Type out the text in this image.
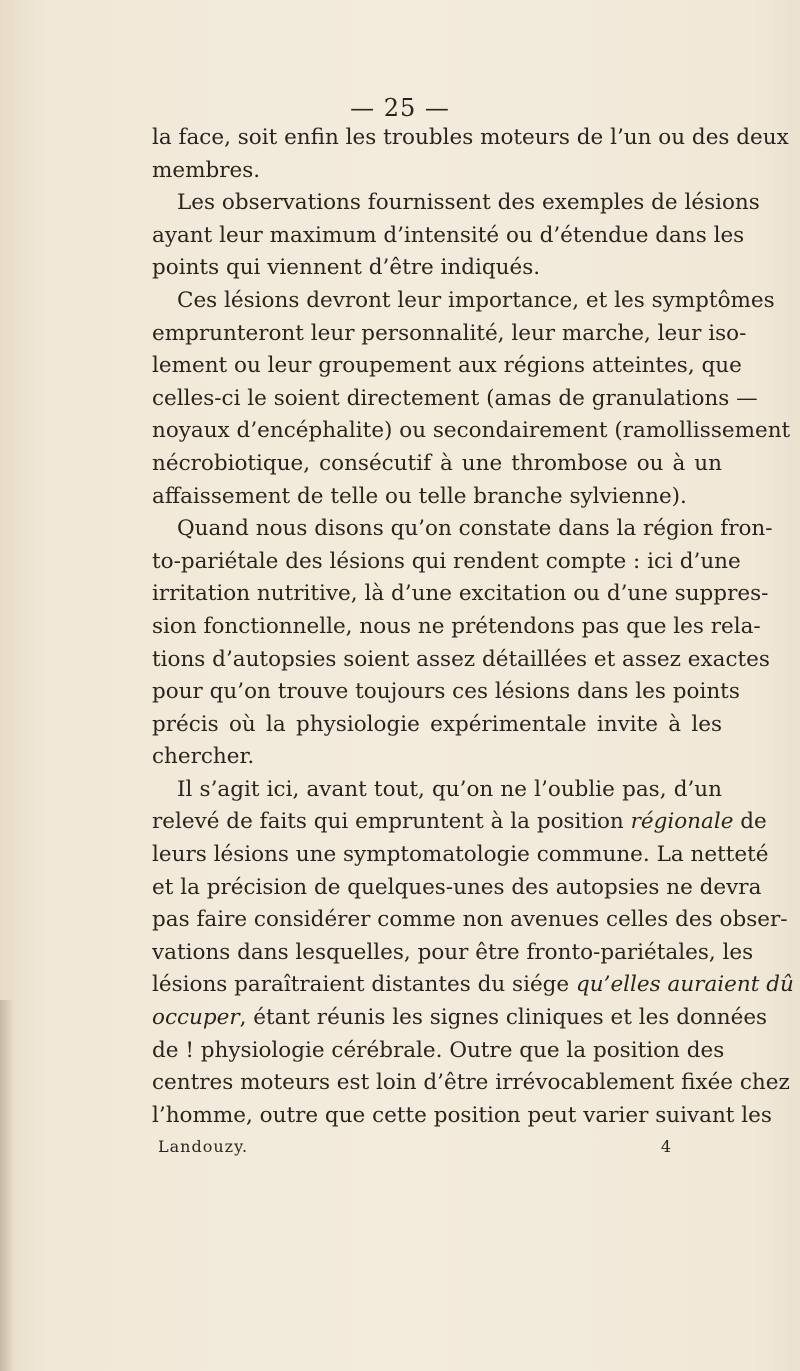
— 25 —
la face, soit enfin les troubles moteurs de l’un ou des deux
membres.
Les observations fournissent des exemples de lésions
ayant leur maximum d’intensité ou d’étendue dans les
points qui viennent d’être indiqués.
Ces lésions devront leur importance, et les symptômes
emprunteront leur personnalité, leur marche, leur iso-
lement ou leur groupement aux régions atteintes, que
celles-ci le soient directement (amas de granulations —
noyaux d’encéphalite) ou secondairement (ramollissement
nécrobiotique, consécutif à une thrombose ou à un
affaissement de telle ou telle branche sylvienne).
Quand nous disons qu’on constate dans la région fron-
to-pariétale des lésions qui rendent compte : ici d’une
irritation nutritive, là d’une excitation ou d’une suppres-
sion fonctionnelle, nous ne prétendons pas que les rela-
tions d’autopsies soient assez détaillées et assez exactes
pour qu’on trouve toujours ces lésions dans les points
précis où la physiologie expérimentale invite à les
chercher.
Il s’agit ici, avant tout, qu’on ne l’oublie pas, d’un
relevé de faits qui empruntent à la position régionale de
leurs lésions une symptomatologie commune. La netteté
et la précision de quelques-unes des autopsies ne devra
pas faire considérer comme non avenues celles des obser-
vations dans lesquelles, pour être fronto-pariétales, les
lésions paraîtraient distantes du siége qu’elles auraient dû
occuper, étant réunis les signes cliniques et les données
de ! physiologie cérébrale. Outre que la position des
centres moteurs est loin d’être irrévocablement fixée chez
l’homme, outre que cette position peut varier suivant les
Landouzy.	4
